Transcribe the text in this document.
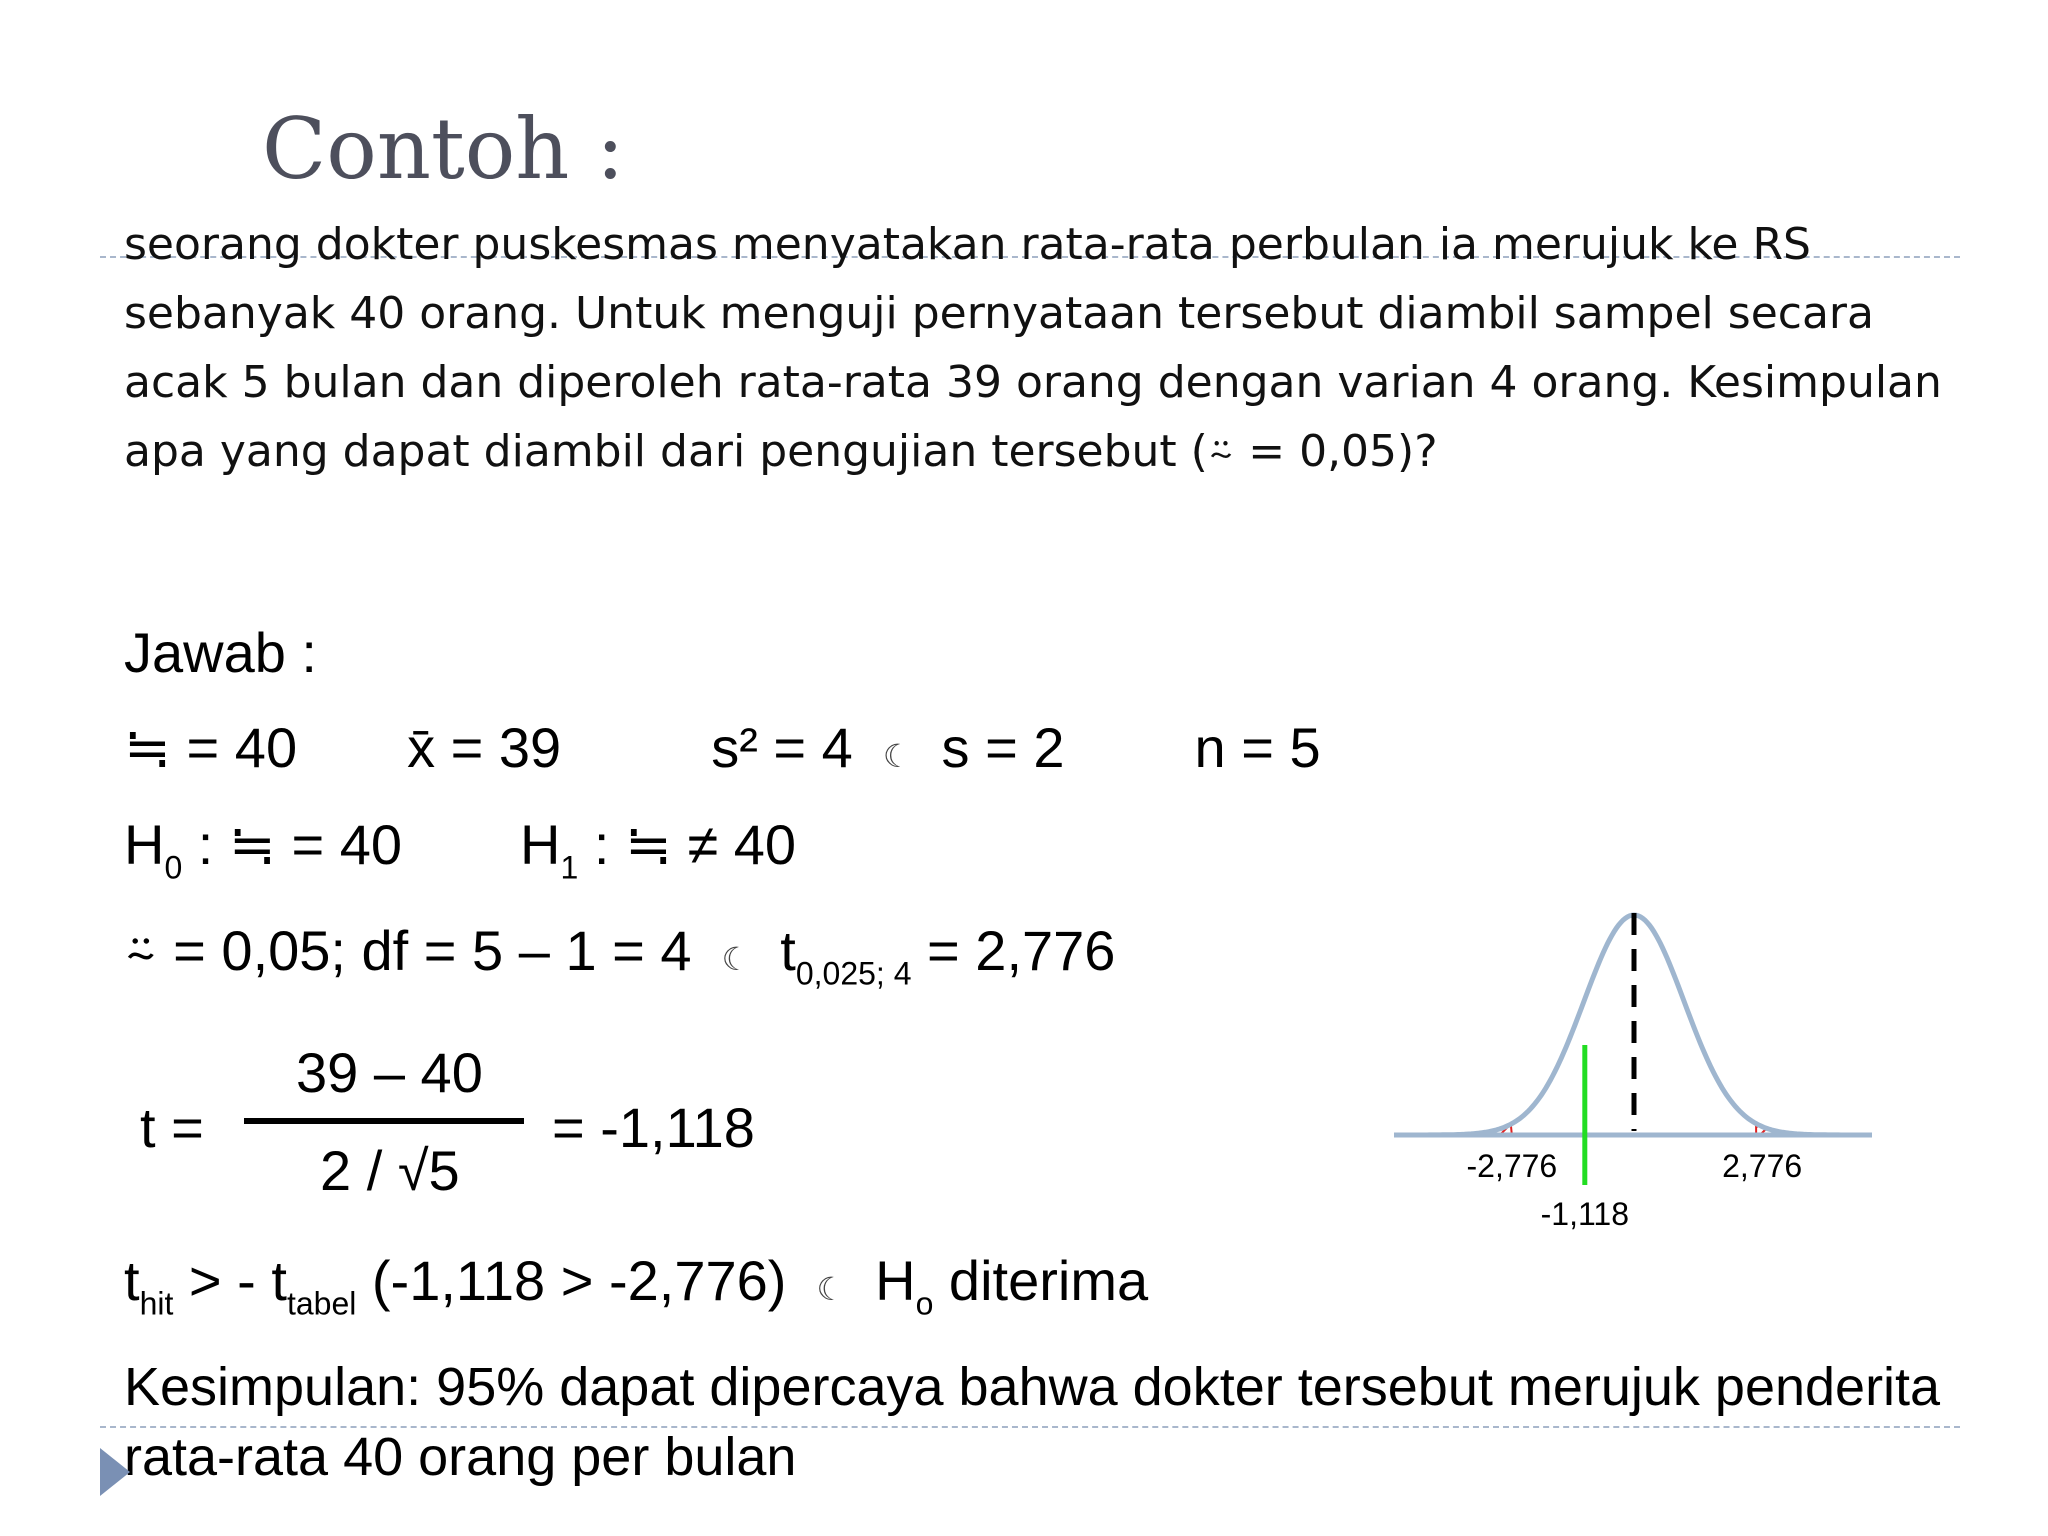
Contoh :
seorang dokter puskesmas menyatakan rata-rata perbulan ia merujuk ke RS sebanyak 40 orang. Untuk menguji pernyataan tersebut diambil sampel secara acak 5 bulan dan diperoleh rata-rata 39 orang dengan varian 4 orang. Kesimpulan apa yang dapat diambil dari pengujian tersebut (⍨ = 0,05)?
Jawab :
≒ = 40 x̄ = 39	s² = 4 ☾ s = 2 n = 5
$H_0$ : ≒ = 40 $H_1$ : ≒ ≠ 40
⍨ = 0,05; df = 5 – 1 = 4 ☾ $t_{0,025; 4} = 2,776$
39 – 40
t =
2 / √5
= -1,118
$t_{hit}$ > - $t_{tabel}$ (-1,118 > -2,776) ☾ $H_o$ diterima
Kesimpulan: 95% dapat dipercaya bahwa dokter tersebut merujuk penderita rata-rata 40 orang per bulan
-2,776	2,776
-1,118
